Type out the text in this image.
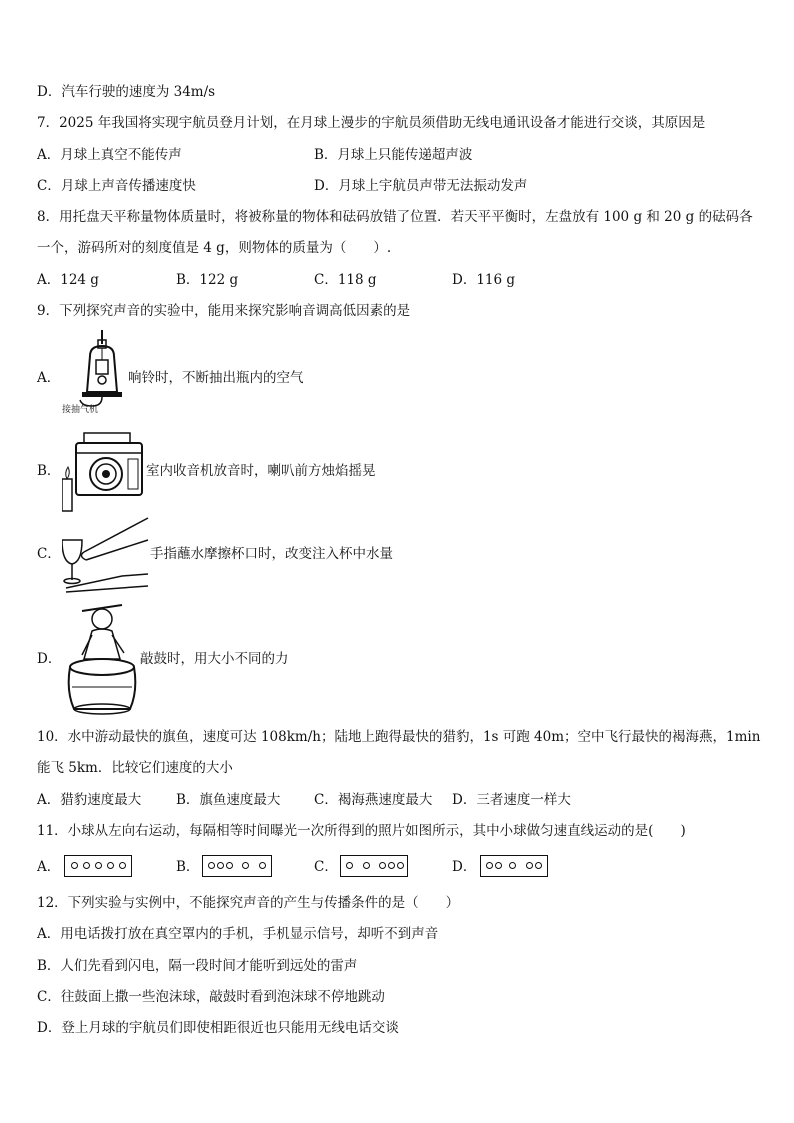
D．汽车行驶的速度为 34m/s
7．2025 年我国将实现宇航员登月计划，在月球上漫步的宇航员须借助无线电通讯设备才能进行交谈，其原因是
A．月球上真空不能传声	B．月球上只能传递超声波
C．月球上声音传播速度快	D．月球上宇航员声带无法振动发声
8．用托盘天平称量物体质量时，将被称量的物体和砝码放错了位置．若天平平衡时，左盘放有 100 g 和 20 g 的砝码各
一个，游码所对的刻度值是 4 g，则物体的质量为（　　）.
A．124 g	B．122 g	C．118 g	D．116 g
9．下列探究声音的实验中，能用来探究影响音调高低因素的是
A．
接抽气机
响铃时，不断抽出瓶内的空气
B．	室内收音机放音时，喇叭前方烛焰摇晃
C．	手指蘸水摩擦杯口时，改变注入杯中水量
D．	敲鼓时，用大小不同的力
10．水中游动最快的旗鱼，速度可达 108km/h；陆地上跑得最快的猎豹，1s 可跑 40m；空中飞行最快的褐海燕，1min
能飞 5km．比较它们速度的大小
A．猎豹速度最大	B．旗鱼速度最大 C．褐海燕速度最大 D．三者速度一样大
11．小球从左向右运动，每隔相等时间曝光一次所得到的照片如图所示，其中小球做匀速直线运动的是(　　)
A．	B．	C．	D．
12．下列实验与实例中，不能探究声音的产生与传播条件的是（　　）
A．用电话拨打放在真空罩内的手机，手机显示信号，却听不到声音
B．人们先看到闪电，隔一段时间才能听到远处的雷声
C．往鼓面上撒一些泡沫球，敲鼓时看到泡沫球不停地跳动
D．登上月球的宇航员们即使相距很近也只能用无线电话交谈
